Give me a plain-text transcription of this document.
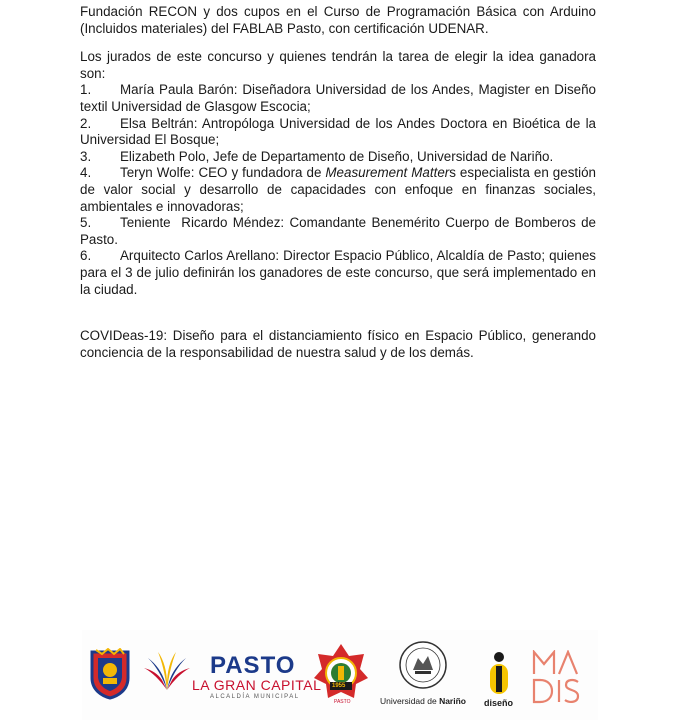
Fundación RECON y dos cupos en el Curso de Programación Básica con Arduino (Incluidos materiales) del FABLAB Pasto, con certificación UDENAR.

Los jurados de este concurso y quienes tendrán la tarea de elegir la idea ganadora son:

1. María Paula Barón: Diseñadora Universidad de los Andes, Magister en Diseño textil Universidad de Glasgow Escocia;

2. Elsa Beltrán: Antropóloga Universidad de los Andes Doctora en Bioética de la Universidad El Bosque;

3. Elizabeth Polo, Jefe de Departamento de Diseño, Universidad de Nariño.

4. Teryn Wolfe: CEO y fundadora de Measurement Matters especialista en gestión de valor social y desarrollo de capacidades con enfoque en finanzas sociales, ambientales e innovadoras;

5. Teniente  Ricardo Méndez: Comandante Benemérito Cuerpo de Bomberos de Pasto.

6. Arquitecto Carlos Arellano: Director Espacio Público, Alcaldía de Pasto; quienes para el 3 de julio definirán los ganadores de este concurso, que será implementado en la ciudad.

COVIDeas-19: Diseño para el distanciamiento físico en Espacio Público, generando conciencia de la responsabilidad de nuestra salud y de los demás.

PASTO
LA GRAN CAPITAL
ALCALDÍA MUNICIPAL
1955
PASTO	Universidad de Nariño diseño
